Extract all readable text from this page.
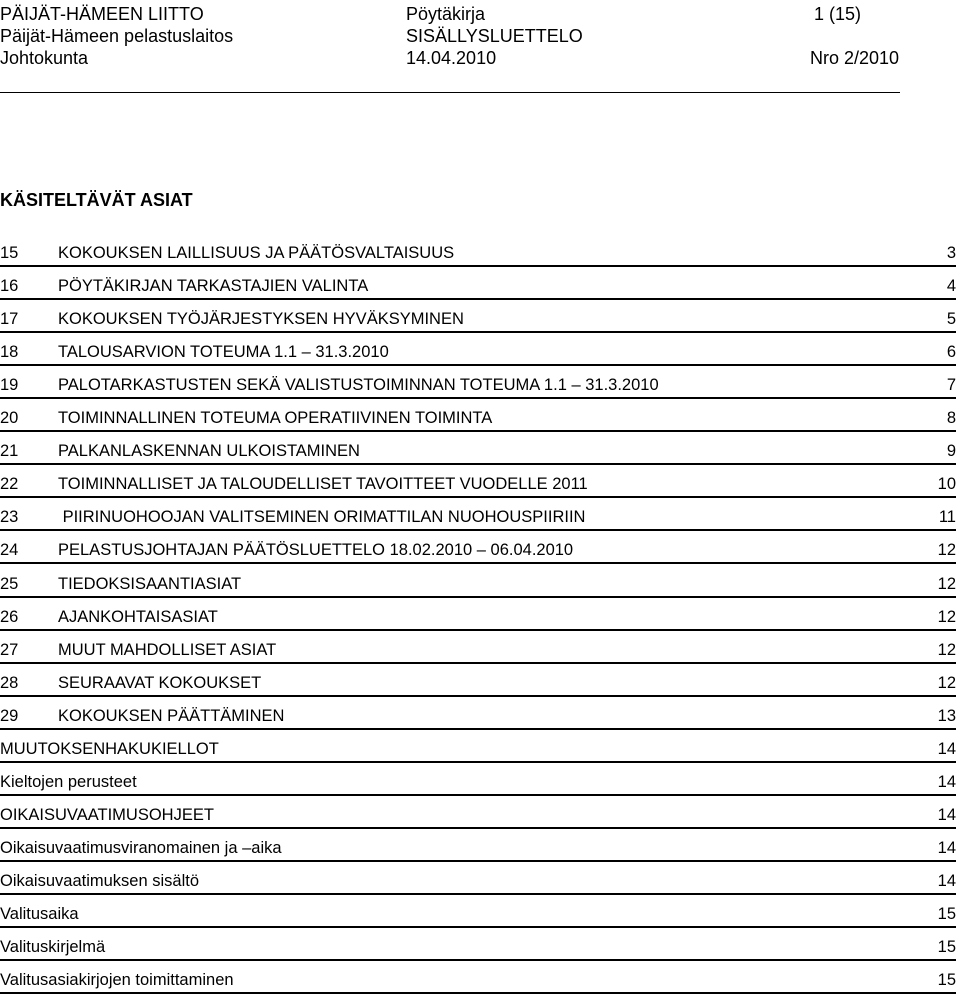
PÄIJÄT-HÄMEEN LIITTO
Päijät-Hämeen pelastuslaitos
Johtokunta
Pöytäkirja
SISÄLLYSLUETTELO
14.04.2010
1 (15)
Nro 2/2010
KÄSITELTÄVÄT ASIAT
15 KOKOUKSEN LAILLISUUS JA PÄÄTÖSVALTAISUUS	3
16 PÖYTÄKIRJAN TARKASTAJIEN VALINTA	4
17 KOKOUKSEN TYÖJÄRJESTYKSEN HYVÄKSYMINEN	5
18 TALOUSARVION TOTEUMA 1.1 – 31.3.2010	6
19 PALOTARKASTUSTEN SEKÄ VALISTUSTOIMINNAN TOTEUMA 1.1 – 31.3.2010	7
20 TOIMINNALLINEN TOTEUMA OPERATIIVINEN TOIMINTA	8
21 PALKANLASKENNAN ULKOISTAMINEN	9
22 TOIMINNALLISET JA TALOUDELLISET TAVOITTEET VUODELLE 2011	10
23 PIIRINUOHOOJAN VALITSEMINEN ORIMATTILAN NUOHOUSPIIRIIN	11
24 PELASTUSJOHTAJAN PÄÄTÖSLUETTELO 18.02.2010 – 06.04.2010	12
25 TIEDOKSISAANTIASIAT	12
26 AJANKOHTAISASIAT	12
27 MUUT MAHDOLLISET ASIAT	12
28 SEURAAVAT KOKOUKSET	12
29 KOKOUKSEN PÄÄTTÄMINEN	13
MUUTOKSENHAKUKIELLOT	14
Kieltojen perusteet	14
OIKAISUVAATIMUSOHJEET	14
Oikaisuvaatimusviranomainen ja –aika	14
Oikaisuvaatimuksen sisältö	14
Valitusaika	15
Valituskirjelmä	15
Valitusasiakirjojen toimittaminen	15
